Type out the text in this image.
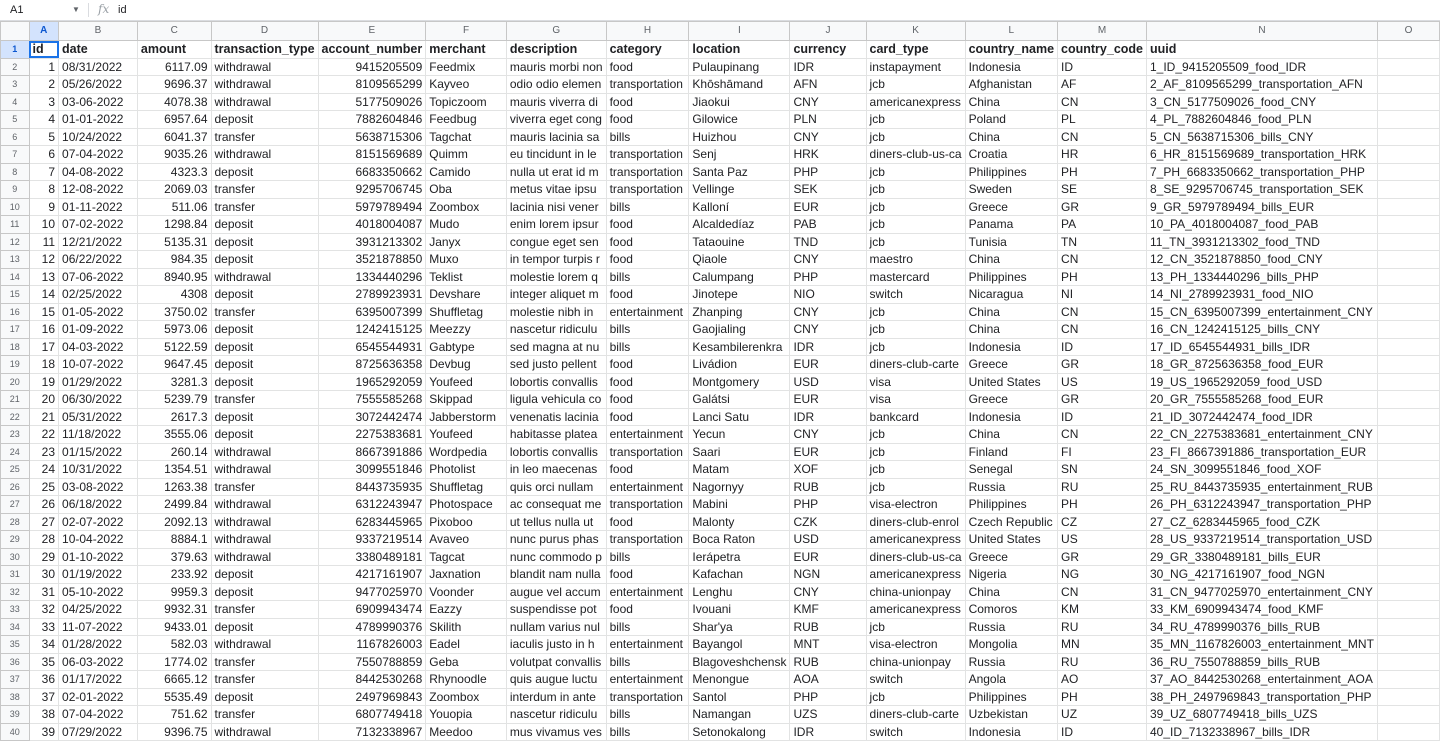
A1	▼ fx id
	A	B	C	D	E	F	G	H	I	J	K	L	M	N	O
1	id	date	amount	transaction_type	account_number	merchant	description	category	location	currency	card_type	country_name	country_code	uuid	
2	1	08/31/2022	6117.09	withdrawal	9415205509	Feedmix	mauris morbi non	food	Pulaupinang	IDR	instapayment	Indonesia	ID	1_ID_9415205509_food_IDR	
3	2	05/26/2022	9696.37	withdrawal	8109565299	Kayveo	odio odio elemen	transportation	Khōshāmand	AFN	jcb	Afghanistan	AF	2_AF_8109565299_transportation_AFN	
4	3	03-06-2022	4078.38	withdrawal	5177509026	Topiczoom	mauris viverra di	food	Jiaokui	CNY	americanexpress	China	CN	3_CN_5177509026_food_CNY	
5	4	01-01-2022	6957.64	deposit	7882604846	Feedbug	viverra eget cong	food	Gilowice	PLN	jcb	Poland	PL	4_PL_7882604846_food_PLN	
6	5	10/24/2022	6041.37	transfer	5638715306	Tagchat	mauris lacinia sa	bills	Huizhou	CNY	jcb	China	CN	5_CN_5638715306_bills_CNY	
7	6	07-04-2022	9035.26	withdrawal	8151569689	Quimm	eu tincidunt in le	transportation	Senj	HRK	diners-club-us-ca	Croatia	HR	6_HR_8151569689_transportation_HRK	
8	7	04-08-2022	4323.3	deposit	6683350662	Camido	nulla ut erat id m	transportation	Santa Paz	PHP	jcb	Philippines	PH	7_PH_6683350662_transportation_PHP	
9	8	12-08-2022	2069.03	transfer	9295706745	Oba	metus vitae ipsu	transportation	Vellinge	SEK	jcb	Sweden	SE	8_SE_9295706745_transportation_SEK	
10	9	01-11-2022	511.06	transfer	5979789494	Zoombox	lacinia nisi vener	bills	Kalloní	EUR	jcb	Greece	GR	9_GR_5979789494_bills_EUR	
11	10	07-02-2022	1298.84	deposit	4018004087	Mudo	enim lorem ipsur	food	Alcaldedíaz	PAB	jcb	Panama	PA	10_PA_4018004087_food_PAB	
12	11	12/21/2022	5135.31	deposit	3931213302	Janyx	congue eget sen	food	Tataouine	TND	jcb	Tunisia	TN	11_TN_3931213302_food_TND	
13	12	06/22/2022	984.35	deposit	3521878850	Muxo	in tempor turpis r	food	Qiaole	CNY	maestro	China	CN	12_CN_3521878850_food_CNY	
14	13	07-06-2022	8940.95	withdrawal	1334440296	Teklist	molestie lorem q	bills	Calumpang	PHP	mastercard	Philippines	PH	13_PH_1334440296_bills_PHP	
15	14	02/25/2022	4308	deposit	2789923931	Devshare	integer aliquet m	food	Jinotepe	NIO	switch	Nicaragua	NI	14_NI_2789923931_food_NIO	
16	15	01-05-2022	3750.02	transfer	6395007399	Shuffletag	molestie nibh in	entertainment	Zhanping	CNY	jcb	China	CN	15_CN_6395007399_entertainment_CNY	
17	16	01-09-2022	5973.06	deposit	1242415125	Meezzy	nascetur ridiculu	bills	Gaojialing	CNY	jcb	China	CN	16_CN_1242415125_bills_CNY	
18	17	04-03-2022	5122.59	deposit	6545544931	Gabtype	sed magna at nu	bills	Kesambilerenkra	IDR	jcb	Indonesia	ID	17_ID_6545544931_bills_IDR	
19	18	10-07-2022	9647.45	deposit	8725636358	Devbug	sed justo pellent	food	Livádion	EUR	diners-club-carte	Greece	GR	18_GR_8725636358_food_EUR	
20	19	01/29/2022	3281.3	deposit	1965292059	Youfeed	lobortis convallis	food	Montgomery	USD	visa	United States	US	19_US_1965292059_food_USD	
21	20	06/30/2022	5239.79	transfer	7555585268	Skippad	ligula vehicula co	food	Galátsi	EUR	visa	Greece	GR	20_GR_7555585268_food_EUR	
22	21	05/31/2022	2617.3	deposit	3072442474	Jabberstorm	venenatis lacinia	food	Lanci Satu	IDR	bankcard	Indonesia	ID	21_ID_3072442474_food_IDR	
23	22	11/18/2022	3555.06	deposit	2275383681	Youfeed	habitasse platea	entertainment	Yecun	CNY	jcb	China	CN	22_CN_2275383681_entertainment_CNY	
24	23	01/15/2022	260.14	withdrawal	8667391886	Wordpedia	lobortis convallis	transportation	Saari	EUR	jcb	Finland	FI	23_FI_8667391886_transportation_EUR	
25	24	10/31/2022	1354.51	withdrawal	3099551846	Photolist	in leo maecenas	food	Matam	XOF	jcb	Senegal	SN	24_SN_3099551846_food_XOF	
26	25	03-08-2022	1263.38	transfer	8443735935	Shuffletag	quis orci nullam	entertainment	Nagornyy	RUB	jcb	Russia	RU	25_RU_8443735935_entertainment_RUB	
27	26	06/18/2022	2499.84	withdrawal	6312243947	Photospace	ac consequat me	transportation	Mabini	PHP	visa-electron	Philippines	PH	26_PH_6312243947_transportation_PHP	
28	27	02-07-2022	2092.13	withdrawal	6283445965	Pixoboo	ut tellus nulla ut	food	Malonty	CZK	diners-club-enrol	Czech Republic	CZ	27_CZ_6283445965_food_CZK	
29	28	10-04-2022	8884.1	withdrawal	9337219514	Avaveo	nunc purus phas	transportation	Boca Raton	USD	americanexpress	United States	US	28_US_9337219514_transportation_USD	
30	29	01-10-2022	379.63	withdrawal	3380489181	Tagcat	nunc commodo p	bills	Ierápetra	EUR	diners-club-us-ca	Greece	GR	29_GR_3380489181_bills_EUR	
31	30	01/19/2022	233.92	deposit	4217161907	Jaxnation	blandit nam nulla	food	Kafachan	NGN	americanexpress	Nigeria	NG	30_NG_4217161907_food_NGN	
32	31	05-10-2022	9959.3	deposit	9477025970	Voonder	augue vel accum	entertainment	Lenghu	CNY	china-unionpay	China	CN	31_CN_9477025970_entertainment_CNY	
33	32	04/25/2022	9932.31	transfer	6909943474	Eazzy	suspendisse pot	food	Ivouani	KMF	americanexpress	Comoros	KM	33_KM_6909943474_food_KMF	
34	33	11-07-2022	9433.01	deposit	4789990376	Skilith	nullam varius nul	bills	Shar'ya	RUB	jcb	Russia	RU	34_RU_4789990376_bills_RUB	
35	34	01/28/2022	582.03	withdrawal	1167826003	Eadel	iaculis justo in h	entertainment	Bayangol	MNT	visa-electron	Mongolia	MN	35_MN_1167826003_entertainment_MNT	
36	35	06-03-2022	1774.02	transfer	7550788859	Geba	volutpat convallis	bills	Blagoveshchensk	RUB	china-unionpay	Russia	RU	36_RU_7550788859_bills_RUB	
37	36	01/17/2022	6665.12	transfer	8442530268	Rhynoodle	quis augue luctu	entertainment	Menongue	AOA	switch	Angola	AO	37_AO_8442530268_entertainment_AOA	
38	37	02-01-2022	5535.49	deposit	2497969843	Zoombox	interdum in ante	transportation	Santol	PHP	jcb	Philippines	PH	38_PH_2497969843_transportation_PHP	
39	38	07-04-2022	751.62	transfer	6807749418	Youopia	nascetur ridiculu	bills	Namangan	UZS	diners-club-carte	Uzbekistan	UZ	39_UZ_6807749418_bills_UZS	
40	39	07/29/2022	9396.75	withdrawal	7132338967	Meedoo	mus vivamus ves	bills	Setonokalong	IDR	switch	Indonesia	ID	40_ID_7132338967_bills_IDR	
